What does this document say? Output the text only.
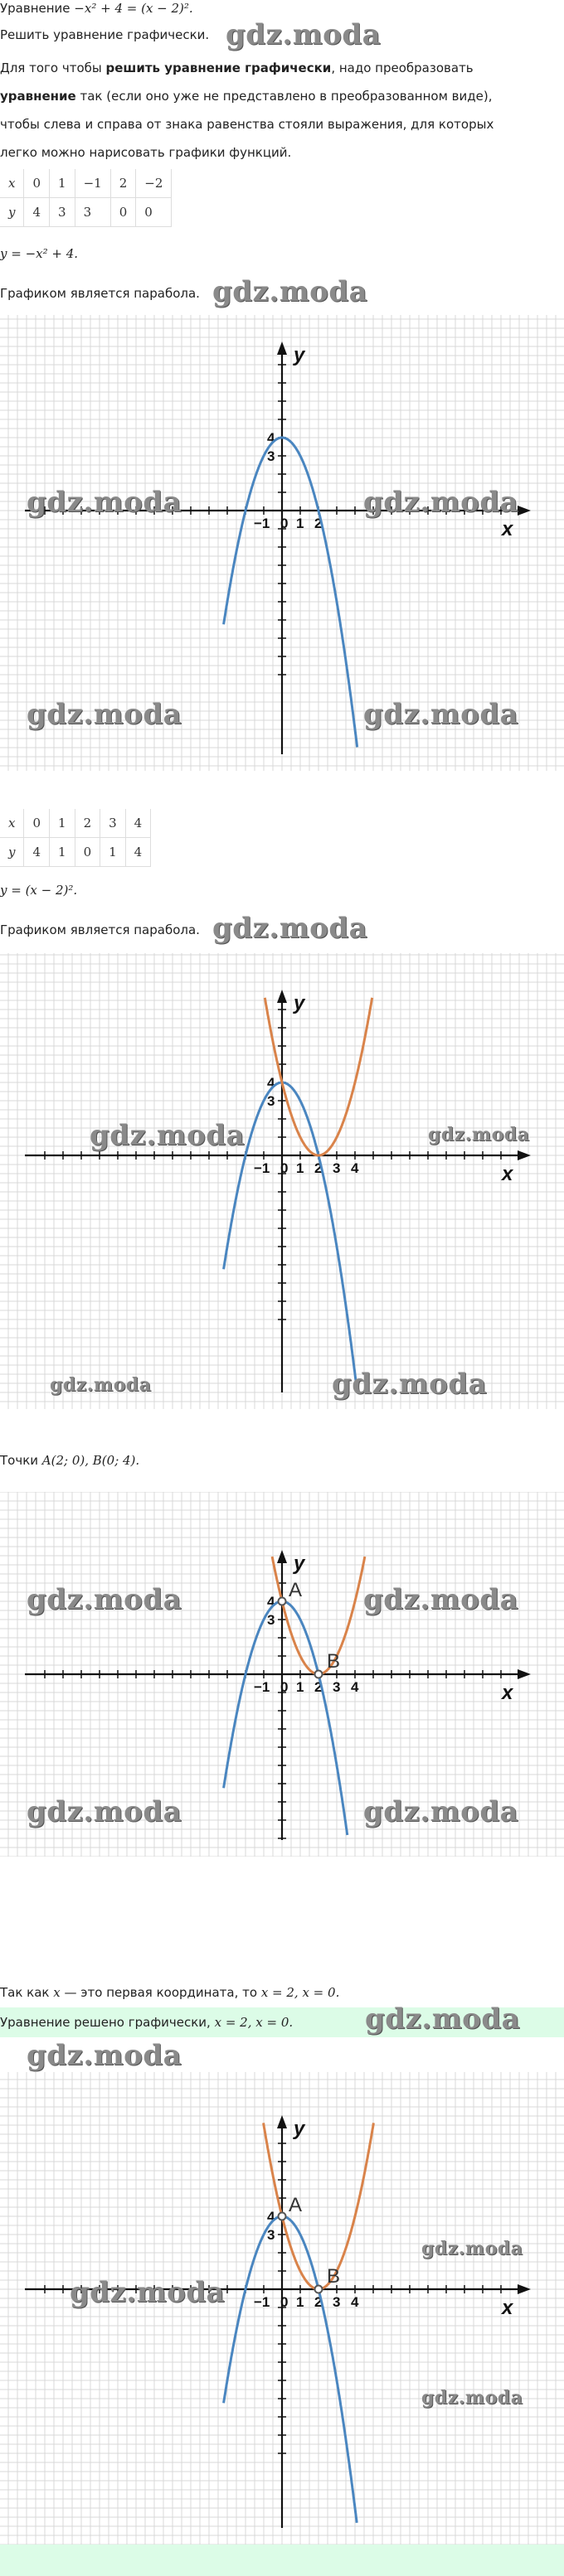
Уравнение −x² + 4 = (x − 2)².
Решить уравнение графически. gdz.moda
Для того чтобы решить уравнение графически, надо преобразовать
уравнение так (если оно уже не представлено в преобразованном виде),
чтобы слева и справа от знака равенства стояли выражения, для которых
легко можно нарисовать графики функций.
x	0	1	−1	2	−2
y	4	3	3	0	0
y = −x² + 4.
Графиком является парабола. gdz.moda
x
y
0
−1 1 2
3
4
gdz.moda	gdz.moda
gdz.moda	gdz.moda
x	0	1	2	3	4
y	4	1	0	1	4
y = (x − 2)².
Графиком является парабола. gdz.moda
x
y
0
−1 1 2 3 4
3
4
gdz.moda	gdz.moda
gdz.moda	gdz.moda
Точки A(2; 0), B(0; 4).
x
y
0
−1 1 2 3 4
3
4
A
B
gdz.moda	gdz.moda
gdz.moda	gdz.moda
Так как x — это первая координата, то x = 2, x = 0.
Уравнение решено графически, x = 2, x = 0.	gdz.moda
gdz.moda
x
y
0
−1 1 2 3 4
3
4
A
B
gdz.moda
gdz.moda
gdz.moda
